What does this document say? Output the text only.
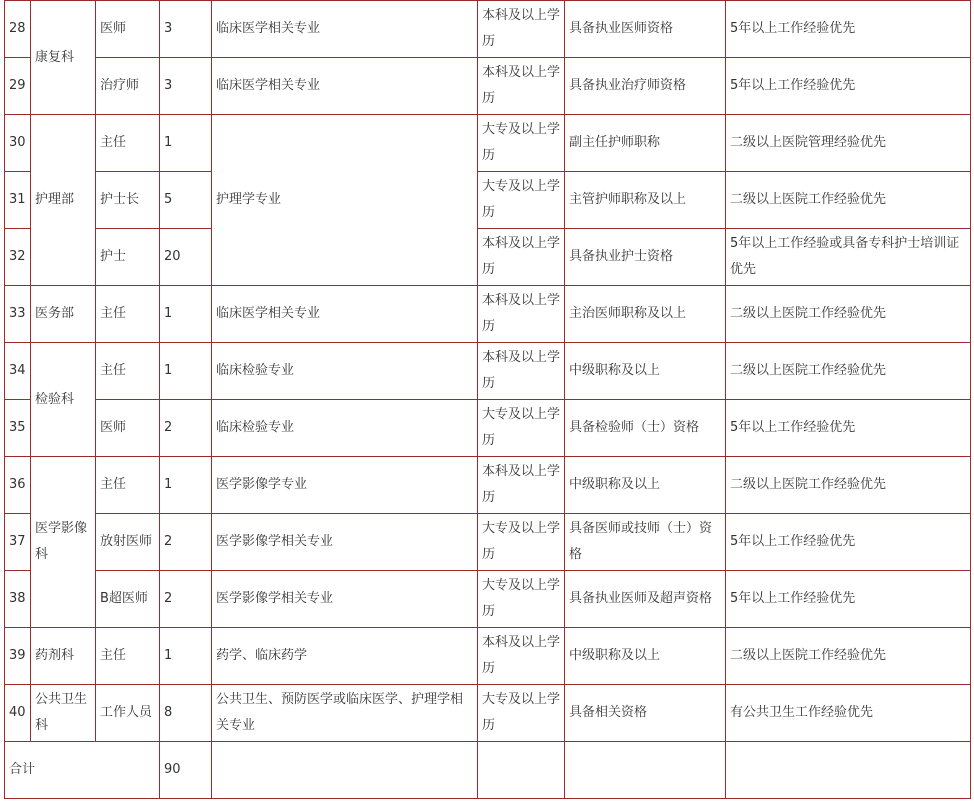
28	康复科	医师	3	临床医学相关专业	本科及以上学历	具备执业医师资格	5年以上工作经验优先
29		治疗师	3	临床医学相关专业	本科及以上学历	具备执业治疗师资格	5年以上工作经验优先
30	护理部	主任	1	护理学专业	大专及以上学历	副主任护师职称	二级以上医院管理经验优先
31		护士长	5		大专及以上学历	主管护师职称及以上	二级以上医院工作经验优先
32		护士	20		本科及以上学历	具备执业护士资格	5年以上工作经验或具备专科护士培训证优先
33	医务部	主任	1	临床医学相关专业	本科及以上学历	主治医师职称及以上	二级以上医院工作经验优先
34	检验科	主任	1	临床检验专业	本科及以上学历	中级职称及以上	二级以上医院工作经验优先
35		医师	2	临床检验专业	大专及以上学历	具备检验师（士）资格	5年以上工作经验优先
36	医学影像科	主任	1	医学影像学专业	本科及以上学历	中级职称及以上	二级以上医院工作经验优先
37		放射医师	2	医学影像学相关专业	大专及以上学历	具备医师或技师（士）资格	5年以上工作经验优先
38		B超医师	2	医学影像学相关专业	大专及以上学历	具备执业医师及超声资格	5年以上工作经验优先
39	药剂科	主任	1	药学、临床药学	本科及以上学历	中级职称及以上	二级以上医院工作经验优先
40	公共卫生科	工作人员	8	公共卫生、预防医学或临床医学、护理学相关专业	大专及以上学历	具备相关资格	有公共卫生工作经验优先
合计			90				
